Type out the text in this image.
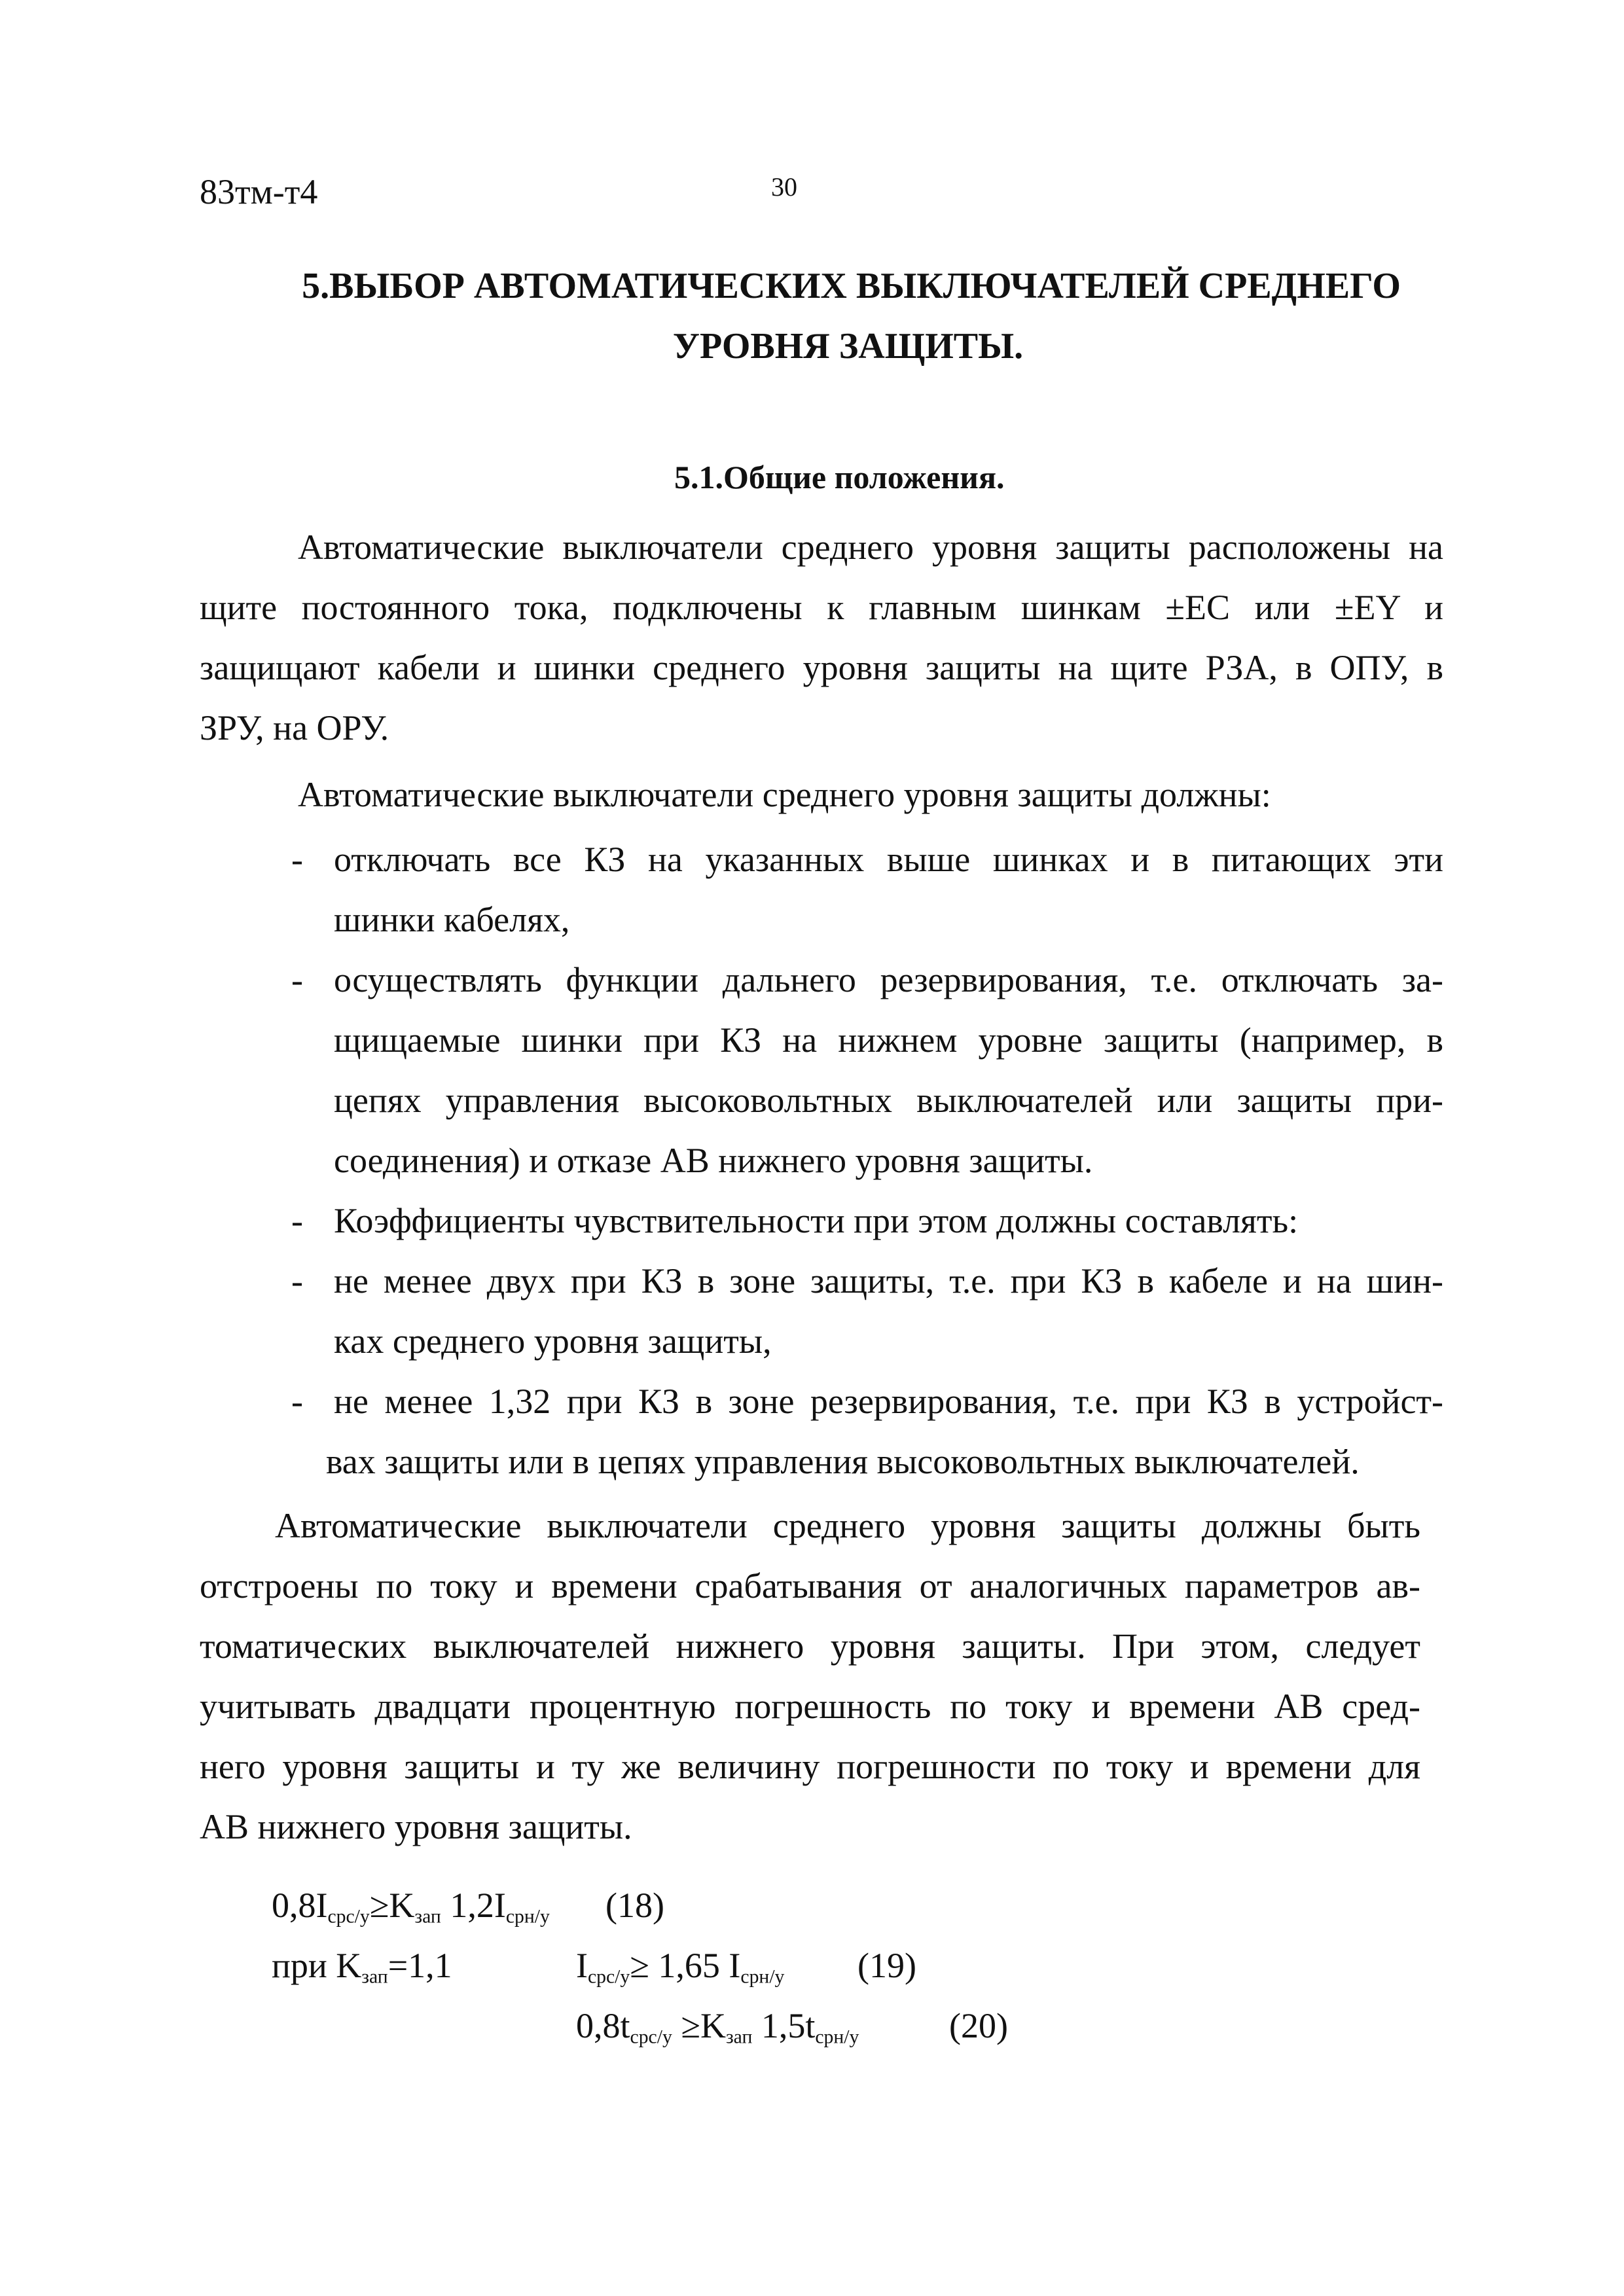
83тм-т4	30
5.ВЫБОР АВТОМАТИЧЕСКИХ ВЫКЛЮЧАТЕЛЕЙ СРЕДНЕГО
УРОВНЯ ЗАЩИТЫ.
5.1.Общие положения.
Автоматические выключатели среднего уровня защиты расположены на
щите постоянного тока, подключены к главным шинкам ±ЕС или ±ЕY и
защищают кабели и шинки среднего уровня защиты на щите РЗА, в ОПУ, в
ЗРУ, на ОРУ.
Автоматические выключатели среднего уровня защиты должны:
- отключать все КЗ на указанных выше шинках и в питающих эти
шинки кабелях,
- осуществлять функции дальнего резервирования, т.е. отключать за-
щищаемые шинки при КЗ на нижнем уровне защиты (например, в
цепях управления высоковольтных выключателей или защиты при-
соединения) и отказе АВ нижнего уровня защиты.
- Коэффициенты чувствительности при этом должны составлять:
- не менее двух при КЗ в зоне защиты, т.е. при КЗ в кабеле и на шин-
ках среднего уровня защиты,
- не менее 1,32 при КЗ в зоне резервирования, т.е. при КЗ в устройст-
вах защиты или в цепях управления высоковольтных выключателей.
Автоматические выключатели среднего уровня защиты должны быть
отстроены по току и времени срабатывания от аналогичных параметров ав-
томатических выключателей нижнего уровня защиты. При этом, следует
учитывать двадцати процентную погрешность по току и времени АВ сред-
него уровня защиты и ту же величину погрешности по току и времени для
АВ нижнего уровня защиты.
0,8Iсрс/у≥Kзап 1,2Iсрн/у (18)
при Kзап=1,1	Iсрс/у≥ 1,65 Iсрн/у (19)
0,8tсрс/у ≥Kзап 1,5tсрн/у	(20)
